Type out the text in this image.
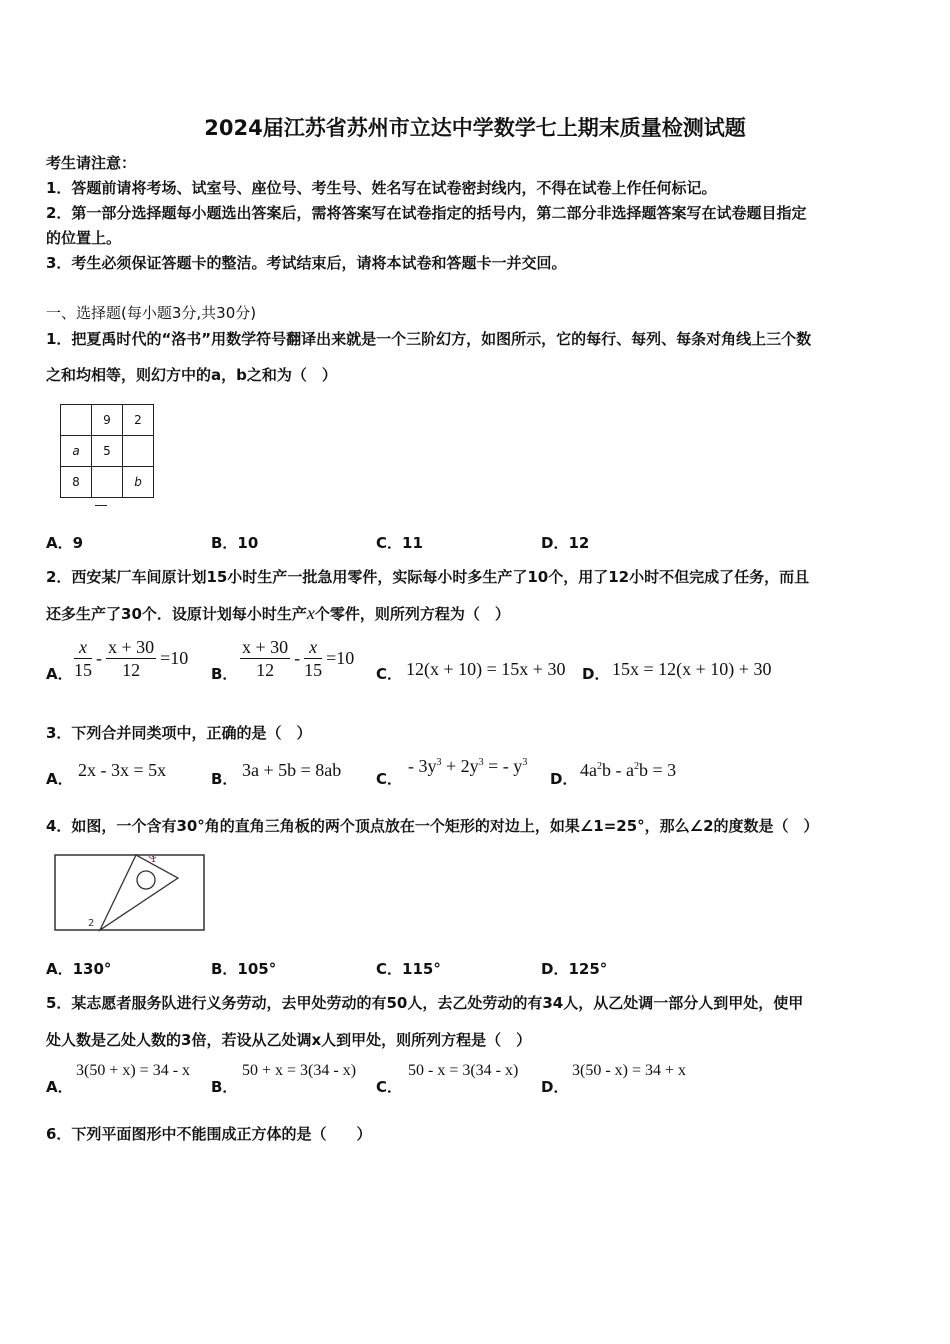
2024届江苏省苏州市立达中学数学七上期末质量检测试题
考生请注意：
1．答题前请将考场、试室号、座位号、考生号、姓名写在试卷密封线内，不得在试卷上作任何标记。
2．第一部分选择题每小题选出答案后，需将答案写在试卷指定的括号内，第二部分非选择题答案写在试卷题目指定
的位置上。
3．考生必须保证答题卡的整洁。考试结束后，请将本试卷和答题卡一并交回。
一、选择题(每小题3分,共30分)
1．把夏禹时代的“洛书”用数学符号翻译出来就是一个三阶幻方，如图所示，它的每行、每列、每条对角线上三个数
之和均相等，则幻方中的a，b之和为（　）
	9	2
a	5	
8		b
A．9	B．10	C．11	D．12
2．西安某厂车间原计划15小时生产一批急用零件，实际每小时多生产了10个，用了12小时不但完成了任务，而且
还多生产了30个．设原计划每小时生产x个零件，则所列方程为（　）
A． $\frac{x}{15} - \frac{x + 30}{12} =10$
B． $\frac{x + 30}{12} - \frac{x}{15} =10$
C． 12(x + 10) = 15x + 30 D． 15x = 12(x + 10) + 30
3．下列合并同类项中，正确的是（　）
A． 2x - 3x = 5x	B． 3a + 5b = 8ab C．
- $3y^3 + 2y^3$ = - $y^3$
D． $4a^2b - a^2b = 3$
4．如图，一个含有30°角的直角三角板的两个顶点放在一个矩形的对边上，如果∠1=25°，那么∠2的度数是（　）
1
2
A．130°	B．105°	C．115°	D．125°
5．某志愿者服务队进行义务劳动，去甲处劳动的有50人，去乙处劳动的有34人，从乙处调一部分人到甲处，使甲
处人数是乙处人数的3倍，若设从乙处调x人到甲处，则所列方程是（　）
A．
3(50 + x) = 34 - x
B．
50 + x = 3(34 - x)
C．
50 - x = 3(34 - x)
D．
3(50 - x) = 34 + x
6．下列平面图形中不能围成正方体的是（　　）
